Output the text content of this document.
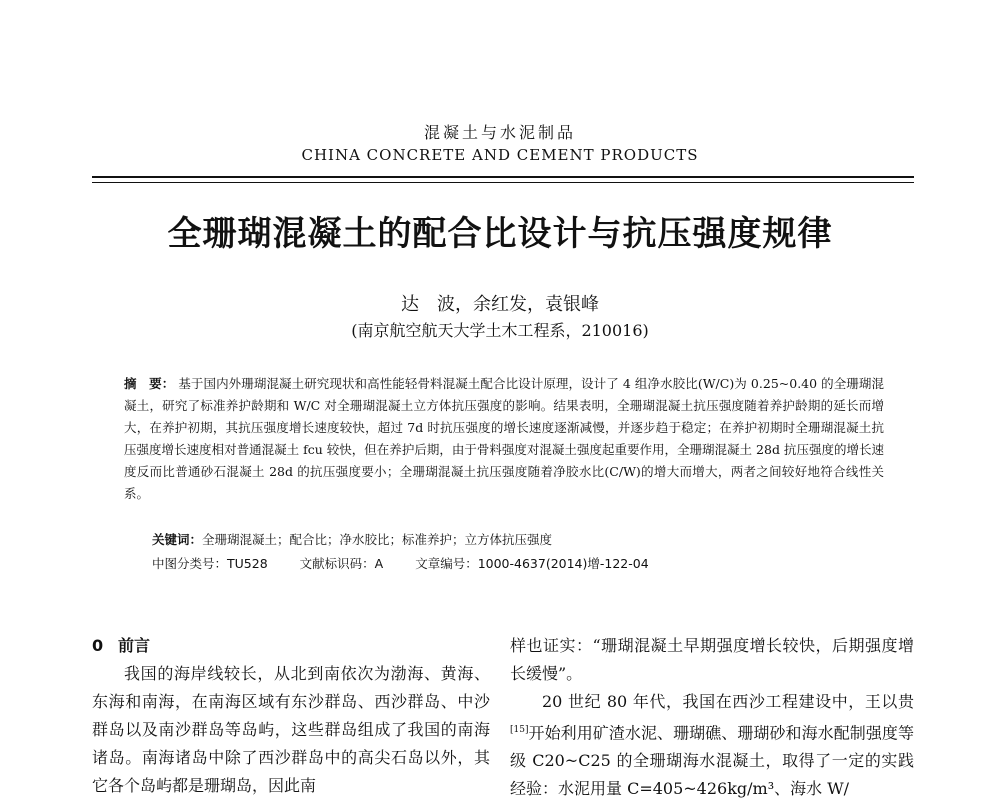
混凝土与水泥制品
CHINA CONCRETE AND CEMENT PRODUCTS
全珊瑚混凝土的配合比设计与抗压强度规律
达　波，余红发，袁银峰
(南京航空航天大学土木工程系，210016)
摘　要： 基于国内外珊瑚混凝土研究现状和高性能轻骨料混凝土配合比设计原理，设计了 4 组净水胶比(W/C)为 0.25~0.40 的全珊瑚混凝土，研究了标准养护龄期和 W/C 对全珊瑚混凝土立方体抗压强度的影响。结果表明，全珊瑚混凝土抗压强度随着养护龄期的延长而增大，在养护初期，其抗压强度增长速度较快，超过 7d 时抗压强度的增长速度逐渐减慢，并逐步趋于稳定；在养护初期时全珊瑚混凝土抗压强度增长速度相对普通混凝土 fcu 较快，但在养护后期，由于骨料强度对混凝土强度起重要作用，全珊瑚混凝土 28d 抗压强度的增长速度反而比普通砂石混凝土 28d 的抗压强度要小；全珊瑚混凝土抗压强度随着净胶水比(C/W)的增大而增大，两者之间较好地符合线性关系。
关键词：全珊瑚混凝土；配合比；净水胶比；标准养护；立方体抗压强度
中图分类号：TU528	文献标识码：A	文章编号：1000-4637(2014)增-122-04
0 前言
我国的海岸线较长，从北到南依次为渤海、黄海、东海和南海，在南海区域有东沙群岛、西沙群岛、中沙群岛以及南沙群岛等岛屿，这些群岛组成了我国的南海诸岛。南海诸岛中除了西沙群岛中的高尖石岛以外，其它各个岛屿都是珊瑚岛，因此南
样也证实：“珊瑚混凝土早期强度增长较快，后期强度增长缓慢”。
20 世纪 80 年代，我国在西沙工程建设中，王以贵[15]开始利用矿渣水泥、珊瑚礁、珊瑚砂和海水配制强度等级 C20~C25 的全珊瑚海水混凝土，取得了一定的实践经验：水泥用量 C=405~426kg/m³、海水 W/
